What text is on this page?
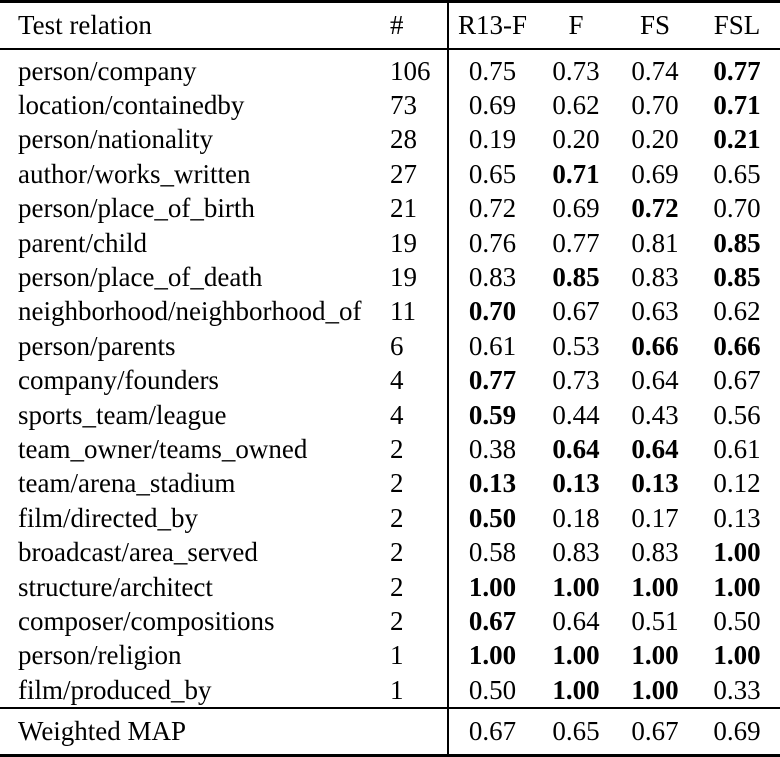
Test relation	#	R13-F	F	FS	FSL
person/company	106	0.75	0.73	0.74	0.77
location/containedby	73	0.69	0.62	0.70	0.71
person/nationality	28	0.19	0.20	0.20	0.21
author/works_written	27	0.65	0.71	0.69	0.65
person/place_of_birth	21	0.72	0.69	0.72	0.70
parent/child	19	0.76	0.77	0.81	0.85
person/place_of_death	19	0.83	0.85	0.83	0.85
neighborhood/neighborhood_of	11	0.70	0.67	0.63	0.62
person/parents	6	0.61	0.53	0.66	0.66
company/founders	4	0.77	0.73	0.64	0.67
sports_team/league	4	0.59	0.44	0.43	0.56
team_owner/teams_owned	2	0.38	0.64	0.64	0.61
team/arena_stadium	2	0.13	0.13	0.13	0.12
film/directed_by	2	0.50	0.18	0.17	0.13
broadcast/area_served	2	0.58	0.83	0.83	1.00
structure/architect	2	1.00	1.00	1.00	1.00
composer/compositions	2	0.67	0.64	0.51	0.50
person/religion	1	1.00	1.00	1.00	1.00
film/produced_by	1	0.50	1.00	1.00	0.33
Weighted MAP		0.67	0.65	0.67	0.69
